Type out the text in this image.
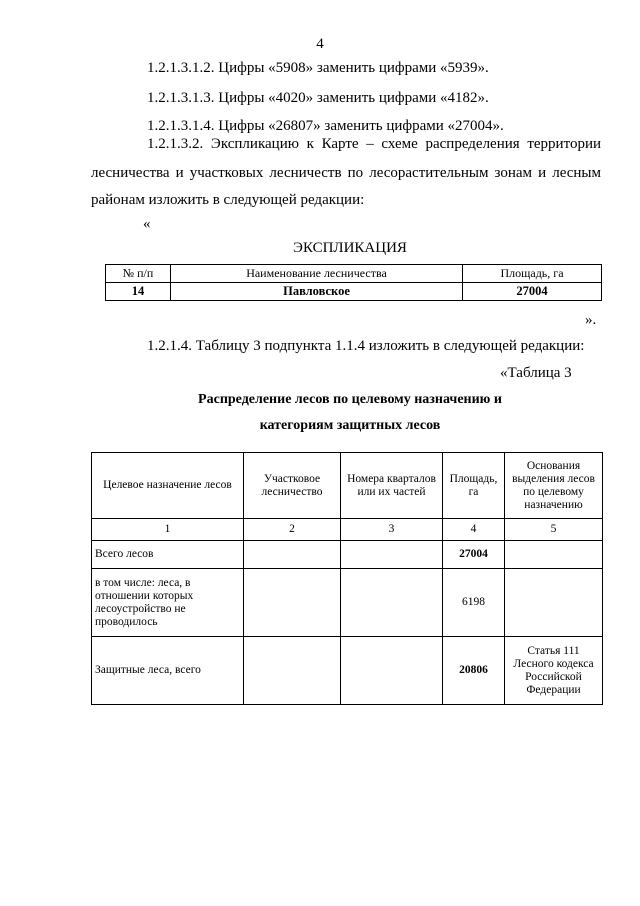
4
1.2.1.3.1.2. Цифры «5908» заменить цифрами «5939».
1.2.1.3.1.3. Цифры «4020» заменить цифрами «4182».
1.2.1.3.1.4. Цифры «26807» заменить цифрами «27004».
1.2.1.3.2. Экспликацию к Карте – схеме распределения территории
лесничества и участковых лесничеств по лесорастительным зонам и лесным
районам изложить в следующей редакции:
«
ЭКСПЛИКАЦИЯ
№ п/п	Наименование лесничества	Площадь, га
14	Павловское	27004
».
1.2.1.4. Таблицу 3 подпункта 1.1.4 изложить в следующей редакции:
«Таблица 3
Распределение лесов по целевому назначению и
категориям защитных лесов
Целевое назначение лесов	Участковое лесничество	Номера кварталов или их частей	Площадь, га	Основания выделения лесов по целевому назначению
1	2	3	4	5
Всего лесов			27004	
в том числе: леса, в отношении которых лесоустройство не проводилось			6198	
Защитные леса, всего			20806	Статья 111 Лесного кодекса Российской Федерации
